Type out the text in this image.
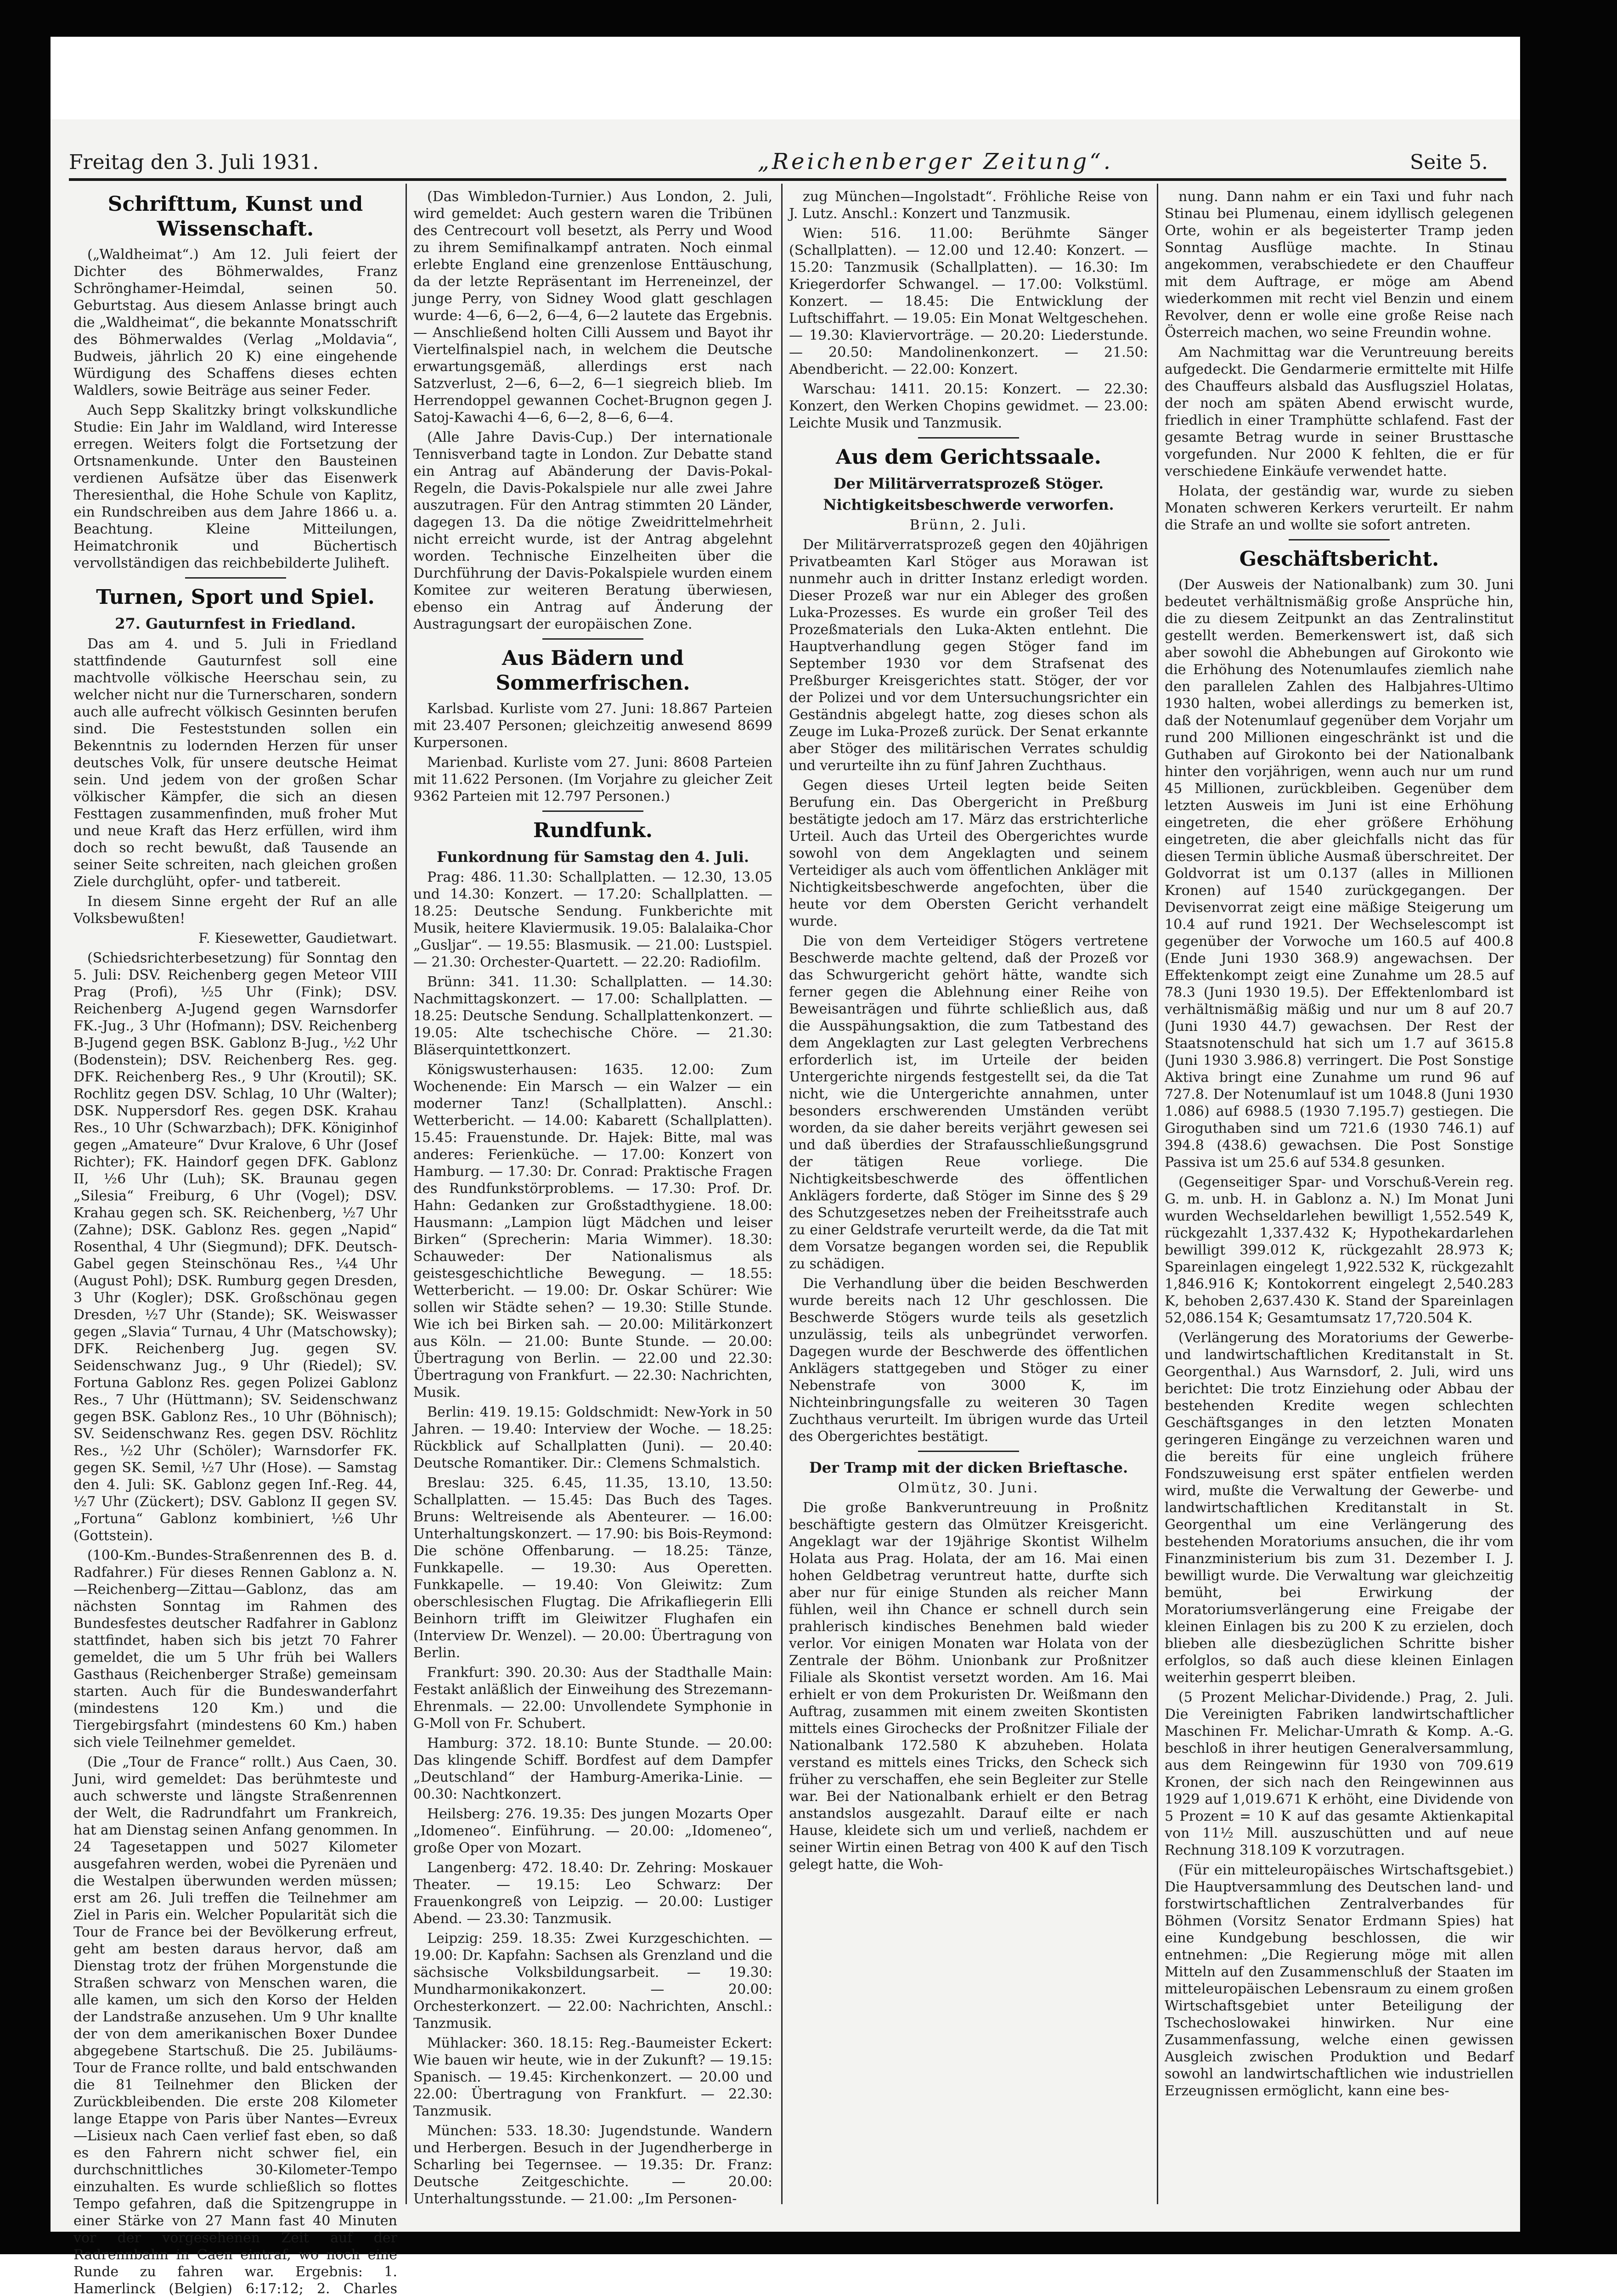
Freitag den 3. Juli 1931.	„Reichenberger Zeitung“.	Seite 5.
Schrifttum, Kunst und Wissenschaft.

(„Waldheimat“.) Am 12. Juli feiert der Dichter des Böhmerwaldes, Franz Schrönghamer-Heimdal, seinen 50. Geburtstag. Aus diesem Anlasse bringt auch die „Waldheimat“, die bekannte Monatsschrift des Böhmerwaldes (Verlag „Moldavia“, Budweis, jährlich 20 K) eine eingehende Würdigung des Schaffens dieses echten Waldlers, sowie Beiträge aus seiner Feder.

Auch Sepp Skalitzky bringt volkskundliche Studie: Ein Jahr im Waldland, wird Interesse erregen. Weiters folgt die Fortsetzung der Ortsnamenkunde. Unter den Bausteinen verdienen Aufsätze über das Eisenwerk Theresienthal, die Hohe Schule von Kaplitz, ein Rundschreiben aus dem Jahre 1866 u. a. Beachtung. Kleine Mitteilungen, Heimatchronik und Büchertisch vervollständigen das reichbebilderte Juliheft.

Turnen, Sport und Spiel.
27. Gauturnfest in Friedland.

Das am 4. und 5. Juli in Friedland stattfindende Gauturnfest soll eine machtvolle völkische Heerschau sein, zu welcher nicht nur die Turnerscharen, sondern auch alle aufrecht völkisch Gesinnten berufen sind. Die Festeststunden sollen ein Bekenntnis zu lodernden Herzen für unser deutsches Volk, für unsere deutsche Heimat sein. Und jedem von der großen Schar völkischer Kämpfer, die sich an diesen Festtagen zusammenfinden, muß froher Mut und neue Kraft das Herz erfüllen, wird ihm doch so recht bewußt, daß Tausende an seiner Seite schreiten, nach gleichen großen Ziele durchglüht, opfer- und tatbereit.

In diesem Sinne ergeht der Ruf an alle Volksbewußten!

F. Kiesewetter, Gaudietwart.

(Schiedsrichterbesetzung) für Sonntag den 5. Juli: DSV. Reichenberg gegen Meteor VIII Prag (Profi), ½5 Uhr (Fink); DSV. Reichenberg A-Jugend gegen Warnsdorfer FK.-Jug., 3 Uhr (Hofmann); DSV. Reichenberg B-Jugend gegen BSK. Gablonz B-Jug., ½2 Uhr (Bodenstein); DSV. Reichenberg Res. geg. DFK. Reichenberg Res., 9 Uhr (Kroutil); SK. Rochlitz gegen DSV. Schlag, 10 Uhr (Walter); DSK. Nuppersdorf Res. gegen DSK. Krahau Res., 10 Uhr (Schwarzbach); DFK. Königinhof gegen „Amateure“ Dvur Kralove, 6 Uhr (Josef Richter); FK. Haindorf gegen DFK. Gablonz II, ½6 Uhr (Luh); SK. Braunau gegen „Silesia“ Freiburg, 6 Uhr (Vogel); DSV. Krahau gegen sch. SK. Reichenberg, ½7 Uhr (Zahne); DSK. Gablonz Res. gegen „Napid“ Rosenthal, 4 Uhr (Siegmund); DFK. Deutsch-Gabel gegen Steinschönau Res., ¼4 Uhr (August Pohl); DSK. Rumburg gegen Dresden, 3 Uhr (Kogler); DSK. Großschönau gegen Dresden, ½7 Uhr (Stande); SK. Weiswasser gegen „Slavia“ Turnau, 4 Uhr (Matschowsky); DFK. Reichenberg Jug. gegen SV. Seidenschwanz Jug., 9 Uhr (Riedel); SV. Fortuna Gablonz Res. gegen Polizei Gablonz Res., 7 Uhr (Hüttmann); SV. Seidenschwanz gegen BSK. Gablonz Res., 10 Uhr (Böhnisch); SV. Seidenschwanz Res. gegen DSV. Röchlitz Res., ½2 Uhr (Schöler); Warnsdorfer FK. gegen SK. Semil, ½7 Uhr (Hose). — Samstag den 4. Juli: SK. Gablonz gegen Inf.-Reg. 44, ½7 Uhr (Zückert); DSV. Gablonz II gegen SV. „Fortuna“ Gablonz kombiniert, ½6 Uhr (Gottstein).

(100-Km.-Bundes-Straßenrennen des B. d. Radfahrer.) Für dieses Rennen Gablonz a. N.—Reichenberg—Zittau—Gablonz, das am nächsten Sonntag im Rahmen des Bundesfestes deutscher Radfahrer in Gablonz stattfindet, haben sich bis jetzt 70 Fahrer gemeldet, die um 5 Uhr früh bei Wallers Gasthaus (Reichenberger Straße) gemeinsam starten. Auch für die Bundeswanderfahrt (mindestens 120 Km.) und die Tiergebirgsfahrt (mindestens 60 Km.) haben sich viele Teilnehmer gemeldet.

(Die „Tour de France“ rollt.) Aus Caen, 30. Juni, wird gemeldet: Das berühmteste und auch schwerste und längste Straßenrennen der Welt, die Radrundfahrt um Frankreich, hat am Dienstag seinen Anfang genommen. In 24 Tagesetappen und 5027 Kilometer ausgefahren werden, wobei die Pyrenäen und die Westalpen überwunden werden müssen; erst am 26. Juli treffen die Teilnehmer am Ziel in Paris ein. Welcher Popularität sich die Tour de France bei der Bevölkerung erfreut, geht am besten daraus hervor, daß am Dienstag trotz der frühen Morgenstunde die Straßen schwarz von Menschen waren, die alle kamen, um sich den Korso der Helden der Landstraße anzusehen. Um 9 Uhr knallte der von dem amerikanischen Boxer Dundee abgegebene Startschuß. Die 25. Jubiläums-Tour de France rollte, und bald entschwanden die 81 Teilnehmer den Blicken der Zurückbleibenden. Die erste 208 Kilometer lange Etappe von Paris über Nantes—Evreux—Lisieux nach Caen verlief fast eben, so daß es den Fahrern nicht schwer fiel, ein durchschnittliches 30-Kilometer-Tempo einzuhalten. Es wurde schließlich so flottes Tempo gefahren, daß die Spitzengruppe in einer Stärke von 27 Mann fast 40 Minuten vor der vorgesehenen Zeit auf der Radrennbahn in Caen eintraf, wo noch eine Runde zu fahren war. Ergebnis: 1. Hamerlinck (Belgien) 6:17:12; 2. Charles

(Das Wimbledon-Turnier.) Aus London, 2. Juli, wird gemeldet: Auch gestern waren die Tribünen des Centrecourt voll besetzt, als Perry und Wood zu ihrem Semifinalkampf antraten. Noch einmal erlebte England eine grenzenlose Enttäuschung, da der letzte Repräsentant im Herreneinzel, der junge Perry, von Sidney Wood glatt geschlagen wurde: 4—6, 6—2, 6—4, 6—2 lautete das Ergebnis. — Anschließend holten Cilli Aussem und Bayot ihr Viertelfinalspiel nach, in welchem die Deutsche erwartungsgemäß, allerdings erst nach Satzverlust, 2—6, 6—2, 6—1 siegreich blieb. Im Herrendoppel gewannen Cochet-Brugnon gegen J. Satoj-Kawachi 4—6, 6—2, 8—6, 6—4.

(Alle Jahre Davis-Cup.) Der internationale Tennisverband tagte in London. Zur Debatte stand ein Antrag auf Abänderung der Davis-Pokal-Regeln, die Davis-Pokalspiele nur alle zwei Jahre auszutragen. Für den Antrag stimmten 20 Länder, dagegen 13. Da die nötige Zweidrittelmehrheit nicht erreicht wurde, ist der Antrag abgelehnt worden. Technische Einzelheiten über die Durchführung der Davis-Pokalspiele wurden einem Komitee zur weiteren Beratung überwiesen, ebenso ein Antrag auf Änderung der Austragungsart der europäischen Zone.

Aus Bädern und Sommerfrischen.

Karlsbad. Kurliste vom 27. Juni: 18.867 Parteien mit 23.407 Personen; gleichzeitig anwesend 8699 Kurpersonen.

Marienbad. Kurliste vom 27. Juni: 8608 Parteien mit 11.622 Personen. (Im Vorjahre zu gleicher Zeit 9362 Parteien mit 12.797 Personen.)

Rundfunk.
Funkordnung für Samstag den 4. Juli.

Prag: 486. 11.30: Schallplatten. — 12.30, 13.05 und 14.30: Konzert. — 17.20: Schallplatten. — 18.25: Deutsche Sendung. Funkberichte mit Musik, heitere Klaviermusik. 19.05: Balalaika-Chor „Gusljar“. — 19.55: Blasmusik. — 21.00: Lustspiel. — 21.30: Orchester-Quartett. — 22.20: Radiofilm.

Brünn: 341. 11.30: Schallplatten. — 14.30: Nachmittagskonzert. — 17.00: Schallplatten. — 18.25: Deutsche Sendung. Schallplattenkonzert. — 19.05: Alte tschechische Chöre. — 21.30: Bläserquintettkonzert.

Königswusterhausen: 1635. 12.00: Zum Wochenende: Ein Marsch — ein Walzer — ein moderner Tanz! (Schallplatten). Anschl.: Wetterbericht. — 14.00: Kabarett (Schallplatten). 15.45: Frauenstunde. Dr. Hajek: Bitte, mal was anderes: Ferienküche. — 17.00: Konzert von Hamburg. — 17.30: Dr. Conrad: Praktische Fragen des Rundfunkstörproblems. — 17.30: Prof. Dr. Hahn: Gedanken zur Großstadthygiene. 18.00: Hausmann: „Lampion lügt Mädchen und leiser Birken“ (Sprecherin: Maria Wimmer). 18.30: Schauweder: Der Nationalismus als geistesgeschichtliche Bewegung. — 18.55: Wetterbericht. — 19.00: Dr. Oskar Schürer: Wie sollen wir Städte sehen? — 19.30: Stille Stunde. Wie ich bei Birken sah. — 20.00: Militärkonzert aus Köln. — 21.00: Bunte Stunde. — 20.00: Übertragung von Berlin. — 22.00 und 22.30: Übertragung von Frankfurt. — 22.30: Nachrichten, Musik.

Berlin: 419. 19.15: Goldschmidt: New-York in 50 Jahren. — 19.40: Interview der Woche. — 18.25: Rückblick auf Schallplatten (Juni). — 20.40: Deutsche Romantiker. Dir.: Clemens Schmalstich.

Breslau: 325. 6.45, 11.35, 13.10, 13.50: Schallplatten. — 15.45: Das Buch des Tages. Bruns: Weltreisende als Abenteurer. — 16.00: Unterhaltungskonzert. — 17.90: bis Bois-Reymond: Die schöne Offenbarung. — 18.25: Tänze, Funkkapelle. — 19.30: Aus Operetten. Funkkapelle. — 19.40: Von Gleiwitz: Zum oberschlesischen Flugtag. Die Afrikafliegerin Elli Beinhorn trifft im Gleiwitzer Flughafen ein (Interview Dr. Wenzel). — 20.00: Übertragung von Berlin.

Frankfurt: 390. 20.30: Aus der Stadthalle Main: Festakt anläßlich der Einweihung des Strezemann-Ehrenmals. — 22.00: Unvollendete Symphonie in G-Moll von Fr. Schubert.

Hamburg: 372. 18.10: Bunte Stunde. — 20.00: Das klingende Schiff. Bordfest auf dem Dampfer „Deutschland“ der Hamburg-Amerika-Linie. — 00.30: Nachtkonzert.

Heilsberg: 276. 19.35: Des jungen Mozarts Oper „Idomeneo“. Einführung. — 20.00: „Idomeneo“, große Oper von Mozart.

Langenberg: 472. 18.40: Dr. Zehring: Moskauer Theater. — 19.15: Leo Schwarz: Der Frauenkongreß von Leipzig. — 20.00: Lustiger Abend. — 23.30: Tanzmusik.

Leipzig: 259. 18.35: Zwei Kurzgeschichten. — 19.00: Dr. Kapfahn: Sachsen als Grenzland und die sächsische Volksbildungsarbeit. — 19.30: Mundharmonikakonzert. — 20.00: Orchesterkonzert. — 22.00: Nachrichten, Anschl.: Tanzmusik.

Mühlacker: 360. 18.15: Reg.-Baumeister Eckert: Wie bauen wir heute, wie in der Zukunft? — 19.15: Spanisch. — 19.45: Kirchenkonzert. — 20.00 und 22.00: Übertragung von Frankfurt. — 22.30: Tanzmusik.

München: 533. 18.30: Jugendstunde. Wandern und Herbergen. Besuch in der Jugendherberge in Scharling bei Tegernsee. — 19.35: Dr. Franz: Deutsche Zeitgeschichte. — 20.00: Unterhaltungsstunde. — 21.00: „Im Personen-

zug München—Ingolstadt“. Fröhliche Reise von J. Lutz. Anschl.: Konzert und Tanzmusik.

Wien: 516. 11.00: Berühmte Sänger (Schallplatten). — 12.00 und 12.40: Konzert. — 15.20: Tanzmusik (Schallplatten). — 16.30: Im Kriegerdorfer Schwangel. — 17.00: Volkstüml. Konzert. — 18.45: Die Entwicklung der Luftschiffahrt. — 19.05: Ein Monat Weltgeschehen. — 19.30: Klaviervorträge. — 20.20: Liederstunde. — 20.50: Mandolinenkonzert. — 21.50: Abendbericht. — 22.00: Konzert.

Warschau: 1411. 20.15: Konzert. — 22.30: Konzert, den Werken Chopins gewidmet. — 23.00: Leichte Musik und Tanzmusik.

Aus dem Gerichtssaale.
Der Militärverratsprozeß Stöger.
Nichtigkeitsbeschwerde verworfen.

Brünn, 2. Juli.

Der Militärverratsprozeß gegen den 40jährigen Privatbeamten Karl Stöger aus Morawan ist nunmehr auch in dritter Instanz erledigt worden. Dieser Prozeß war nur ein Ableger des großen Luka-Prozesses. Es wurde ein großer Teil des Prozeßmaterials den Luka-Akten entlehnt. Die Hauptverhandlung gegen Stöger fand im September 1930 vor dem Strafsenat des Preßburger Kreisgerichtes statt. Stöger, der vor der Polizei und vor dem Untersuchungsrichter ein Geständnis abgelegt hatte, zog dieses schon als Zeuge im Luka-Prozeß zurück. Der Senat erkannte aber Stöger des militärischen Verrates schuldig und verurteilte ihn zu fünf Jahren Zuchthaus.

Gegen dieses Urteil legten beide Seiten Berufung ein. Das Obergericht in Preßburg bestätigte jedoch am 17. März das erstrichterliche Urteil. Auch das Urteil des Obergerichtes wurde sowohl von dem Angeklagten und seinem Verteidiger als auch vom öffentlichen Ankläger mit Nichtigkeitsbeschwerde angefochten, über die heute vor dem Obersten Gericht verhandelt wurde.

Die von dem Verteidiger Stögers vertretene Beschwerde machte geltend, daß der Prozeß vor das Schwurgericht gehört hätte, wandte sich ferner gegen die Ablehnung einer Reihe von Beweisanträgen und führte schließlich aus, daß die Ausspähungsaktion, die zum Tatbestand des dem Angeklagten zur Last gelegten Verbrechens erforderlich ist, im Urteile der beiden Untergerichte nirgends festgestellt sei, da die Tat nicht, wie die Untergerichte annahmen, unter besonders erschwerenden Umständen verübt worden, da sie daher bereits verjährt gewesen sei und daß überdies der Strafausschließungsgrund der tätigen Reue vorliege. Die Nichtigkeitsbeschwerde des öffentlichen Anklägers forderte, daß Stöger im Sinne des § 29 des Schutzgesetzes neben der Freiheitsstrafe auch zu einer Geldstrafe verurteilt werde, da die Tat mit dem Vorsatze begangen worden sei, die Republik zu schädigen.

Die Verhandlung über die beiden Beschwerden wurde bereits nach 12 Uhr geschlossen. Die Beschwerde Stögers wurde teils als gesetzlich unzulässig, teils als unbegründet verworfen. Dagegen wurde der Beschwerde des öffentlichen Anklägers stattgegeben und Stöger zu einer Nebenstrafe von 3000 K, im Nichteinbringungsfalle zu weiteren 30 Tagen Zuchthaus verurteilt. Im übrigen wurde das Urteil des Obergerichtes bestätigt.

Der Tramp mit der dicken Brieftasche.

Olmütz, 30. Juni.

Die große Bankveruntreuung in Proßnitz beschäftigte gestern das Olmützer Kreisgericht. Angeklagt war der 19jährige Skontist Wilhelm Holata aus Prag. Holata, der am 16. Mai einen hohen Geldbetrag veruntreut hatte, durfte sich aber nur für einige Stunden als reicher Mann fühlen, weil ihn Chance er schnell durch sein prahlerisch kindisches Benehmen bald wieder verlor. Vor einigen Monaten war Holata von der Zentrale der Böhm. Unionbank zur Proßnitzer Filiale als Skontist versetzt worden. Am 16. Mai erhielt er von dem Prokuristen Dr. Weißmann den Auftrag, zusammen mit einem zweiten Skontisten mittels eines Girochecks der Proßnitzer Filiale der Nationalbank 172.580 K abzuheben. Holata verstand es mittels eines Tricks, den Scheck sich früher zu verschaffen, ehe sein Begleiter zur Stelle war. Bei der Nationalbank erhielt er den Betrag anstandslos ausgezahlt. Darauf eilte er nach Hause, kleidete sich um und verließ, nachdem er seiner Wirtin einen Betrag von 400 K auf den Tisch gelegt hatte, die Woh-

nung. Dann nahm er ein Taxi und fuhr nach Stinau bei Plumenau, einem idyllisch gelegenen Orte, wohin er als begeisterter Tramp jeden Sonntag Ausflüge machte. In Stinau angekommen, verabschiedete er den Chauffeur mit dem Auftrage, er möge am Abend wiederkommen mit recht viel Benzin und einem Revolver, denn er wolle eine große Reise nach Österreich machen, wo seine Freundin wohne.

Am Nachmittag war die Veruntreuung bereits aufgedeckt. Die Gendarmerie ermittelte mit Hilfe des Chauffeurs alsbald das Ausflugsziel Holatas, der noch am späten Abend erwischt wurde, friedlich in einer Tramphütte schlafend. Fast der gesamte Betrag wurde in seiner Brusttasche vorgefunden. Nur 2000 K fehlten, die er für verschiedene Einkäufe verwendet hatte.

Holata, der geständig war, wurde zu sieben Monaten schweren Kerkers verurteilt. Er nahm die Strafe an und wollte sie sofort antreten.

Geschäftsbericht.

(Der Ausweis der Nationalbank) zum 30. Juni bedeutet verhältnismäßig große Ansprüche hin, die zu diesem Zeitpunkt an das Zentralinstitut gestellt werden. Bemerkenswert ist, daß sich aber sowohl die Abhebungen auf Girokonto wie die Erhöhung des Notenumlaufes ziemlich nahe den parallelen Zahlen des Halbjahres-Ultimo 1930 halten, wobei allerdings zu bemerken ist, daß der Notenumlauf gegenüber dem Vorjahr um rund 200 Millionen eingeschränkt ist und die Guthaben auf Girokonto bei der Nationalbank hinter den vorjährigen, wenn auch nur um rund 45 Millionen, zurückbleiben. Gegenüber dem letzten Ausweis im Juni ist eine Erhöhung eingetreten, die eher größere Erhöhung eingetreten, die aber gleichfalls nicht das für diesen Termin übliche Ausmaß überschreitet. Der Goldvorrat ist um 0.137 (alles in Millionen Kronen) auf 1540 zurückgegangen. Der Devisenvorrat zeigt eine mäßige Steigerung um 10.4 auf rund 1921. Der Wechselescompt ist gegenüber der Vorwoche um 160.5 auf 400.8 (Ende Juni 1930 368.9) angewachsen. Der Effektenkompt zeigt eine Zunahme um 28.5 auf 78.3 (Juni 1930 19.5). Der Effektenlombard ist verhältnismäßig mäßig und nur um 8 auf 20.7 (Juni 1930 44.7) gewachsen. Der Rest der Staatsnotenschuld hat sich um 1.7 auf 3615.8 (Juni 1930 3.986.8) verringert. Die Post Sonstige Aktiva bringt eine Zunahme um rund 96 auf 727.8. Der Notenumlauf ist um 1048.8 (Juni 1930 1.086) auf 6988.5 (1930 7.195.7) gestiegen. Die Giroguthaben sind um 721.6 (1930 746.1) auf 394.8 (438.6) gewachsen. Die Post Sonstige Passiva ist um 25.6 auf 534.8 gesunken.

(Gegenseitiger Spar- und Vorschuß-Verein reg. G. m. unb. H. in Gablonz a. N.) Im Monat Juni wurden Wechseldarlehen bewilligt 1,552.549 K, rückgezahlt 1,337.432 K; Hypothekardarlehen bewilligt 399.012 K, rückgezahlt 28.973 K; Spareinlagen eingelegt 1,922.532 K, rückgezahlt 1,846.916 K; Kontokorrent eingelegt 2,540.283 K, behoben 2,637.430 K. Stand der Spareinlagen 52,086.154 K; Gesamtumsatz 17,720.504 K.

(Verlängerung des Moratoriums der Gewerbe- und landwirtschaftlichen Kreditanstalt in St. Georgenthal.) Aus Warnsdorf, 2. Juli, wird uns berichtet: Die trotz Einziehung oder Abbau der bestehenden Kredite wegen schlechten Geschäftsganges in den letzten Monaten geringeren Eingänge zu verzeichnen waren und die bereits für eine ungleich frühere Fondszuweisung erst später entfielen werden wird, mußte die Verwaltung der Gewerbe- und landwirtschaftlichen Kreditanstalt in St. Georgenthal um eine Verlängerung des bestehenden Moratoriums ansuchen, die ihr vom Finanzministerium bis zum 31. Dezember I. J. bewilligt wurde. Die Verwaltung war gleichzeitig bemüht, bei Erwirkung der Moratoriumsverlängerung eine Freigabe der kleinen Einlagen bis zu 200 K zu erzielen, doch blieben alle diesbezüglichen Schritte bisher erfolglos, so daß auch diese kleinen Einlagen weiterhin gesperrt bleiben.

(5 Prozent Melichar-Dividende.) Prag, 2. Juli. Die Vereinigten Fabriken landwirtschaftlicher Maschinen Fr. Melichar-Umrath & Komp. A.-G. beschloß in ihrer heutigen Generalversammlung, aus dem Reingewinn für 1930 von 709.619 Kronen, der sich nach den Reingewinnen aus 1929 auf 1,019.671 K erhöht, eine Dividende von 5 Prozent = 10 K auf das gesamte Aktienkapital von 11½ Mill. auszuschütten und auf neue Rechnung 318.109 K vorzutragen.

(Für ein mitteleuropäisches Wirtschaftsgebiet.) Die Hauptversammlung des Deutschen land- und forstwirtschaftlichen Zentralverbandes für Böhmen (Vorsitz Senator Erdmann Spies) hat eine Kundgebung beschlossen, die wir entnehmen: „Die Regierung möge mit allen Mitteln auf den Zusammenschluß der Staaten im mitteleuropäischen Lebensraum zu einem großen Wirtschaftsgebiet unter Beteiligung der Tschechoslowakei hinwirken. Nur eine Zusammenfassung, welche einen gewissen Ausgleich zwischen Produktion und Bedarf sowohl an landwirtschaftlichen wie industriellen Erzeugnissen ermöglicht, kann eine bes-
